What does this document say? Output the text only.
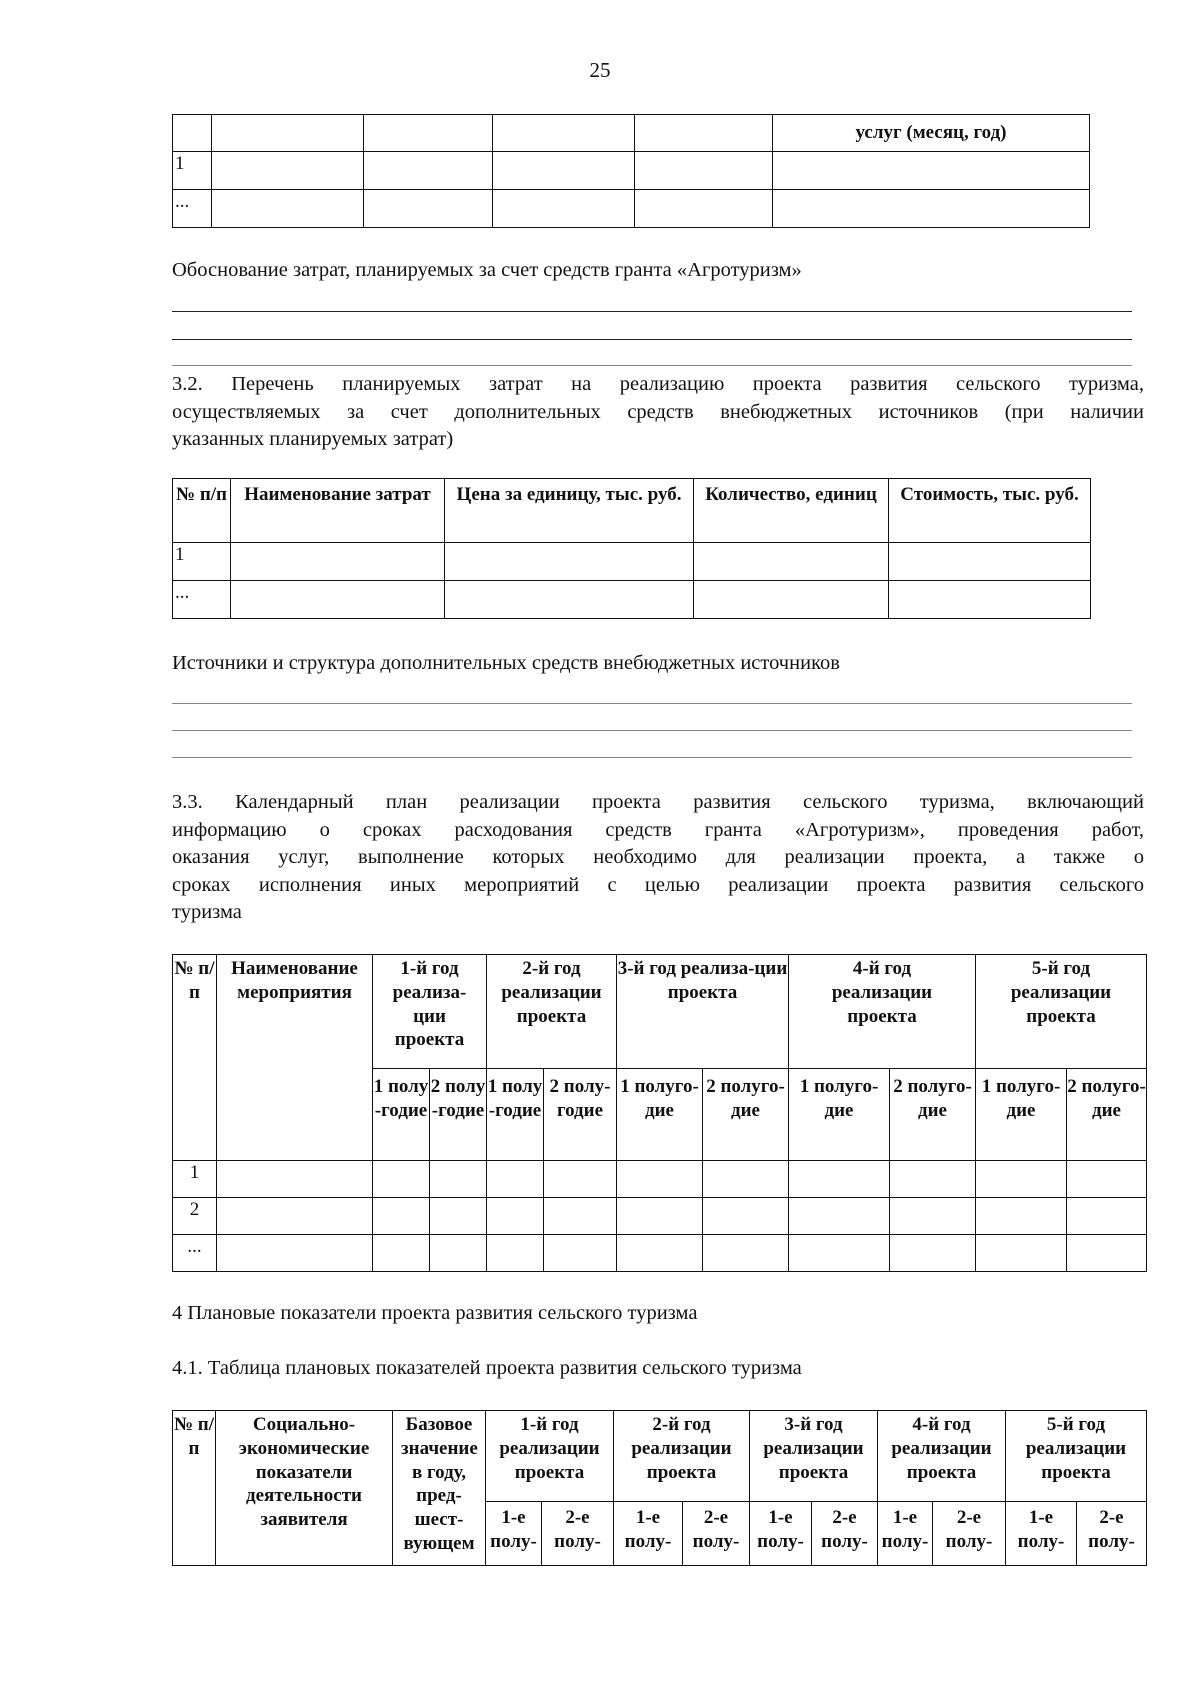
25
					услуг (месяц, год)
1					
...					
Обоснование затрат, планируемых за счет средств гранта «Агротуризм»
3.2. Перечень планируемых затрат на реализацию проекта развития сельского туризма,
осуществляемых за счет дополнительных средств внебюджетных источников (при наличии
указанных планируемых затрат)
№ п/п	Наименование затрат	Цена за единицу, тыс. руб.	Количество, единиц	Стоимость, тыс. руб.
1				
...				
Источники и структура дополнительных средств внебюджетных источников
3.3. Календарный план реализации проекта развития сельского туризма, включающий
информацию о сроках расходования средств гранта «Агротуризм», проведения работ,
оказания услуг, выполнение которых необходимо для реализации проекта, а также о
сроках исполнения иных мероприятий с целью реализации проекта развития сельского
туризма
№ п/п	Наименование мероприятия	1-й год реализа-ции проекта		2-й год реализации проекта		3-й год реализа-ции проекта		4-й год реализации проекта		5-й год реализации проекта	
		1 полу-годие	2 полу-годие	1 полу-годие	2 полу-годие	1 полуго-дие	2 полуго-дие	1 полуго-дие	2 полуго-дие	1 полуго-дие	2 полуго-дие
1											
2											
...											
4 Плановые показатели проекта развития сельского туризма
4.1. Таблица плановых показателей проекта развития сельского туризма
№ п/п	Социально-экономические показатели деятельности заявителя	Базовое значение в году, пред-шест-вующем	1-й год реализации проекта		2-й год реализации проекта		3-й год реализации проекта		4-й год реализации проекта		5-й год реализации проекта	
			1-е полу-	2-е полу-	1-е полу-	2-е полу-	1-е полу-	2-е полу-	1-е полу-	2-е полу-	1-е полу-	2-е полу-
